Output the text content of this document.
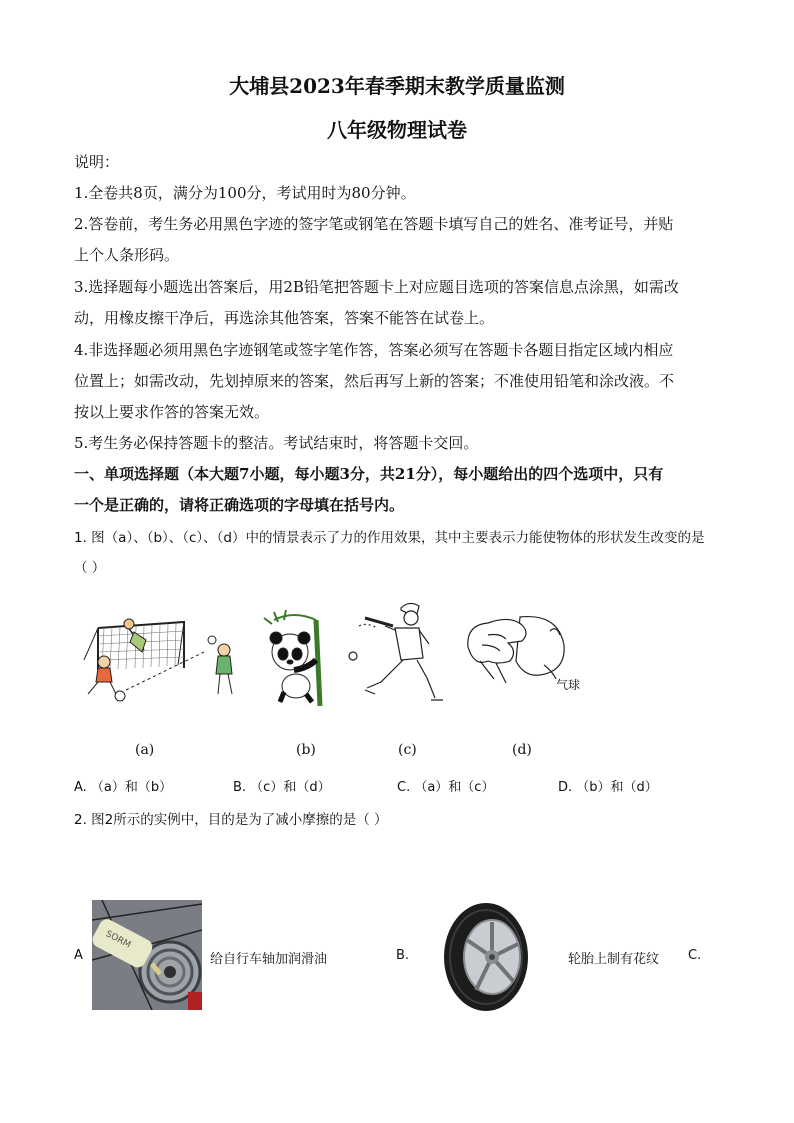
大埔县2023年春季期末教学质量监测
八年级物理试卷
说明：
1.全卷共8页，满分为100分，考试用时为80分钟。
2.答卷前，考生务必用黑色字迹的签字笔或钢笔在答题卡填写自己的姓名、准考证号，并贴
上个人条形码。
3.选择题每小题选出答案后，用2B铅笔把答题卡上对应题目选项的答案信息点涂黑，如需改
动，用橡皮擦干净后，再选涂其他答案，答案不能答在试卷上。
4.非选择题必须用黑色字迹钢笔或签字笔作答，答案必须写在答题卡各题目指定区域内相应
位置上；如需改动，先划掉原来的答案，然后再写上新的答案；不准使用铅笔和涂改液。不
按以上要求作答的答案无效。
5.考生务必保持答题卡的整洁。考试结束时，将答题卡交回。
一、单项选择题（本大题7小题，每小题3分，共21分），每小题给出的四个选项中，只有
一个是正确的，请将正确选项的字母填在括号内。
1. 图（a）、（b）、（c）、（d）中的情景表示了力的作用效果，其中主要表示力能使物体的形状发生改变的是
（ ）
气球
(a)	(b)	(c)	(d)
A. （a）和（b）	B. （c）和（d）	C. （a）和（c）	D. （b）和（d）
2. 图2所示的实例中，目的是为了减小摩擦的是（ ）
A
SORM
给自行车轴加润滑油	B.	轮胎上制有花纹 C.
